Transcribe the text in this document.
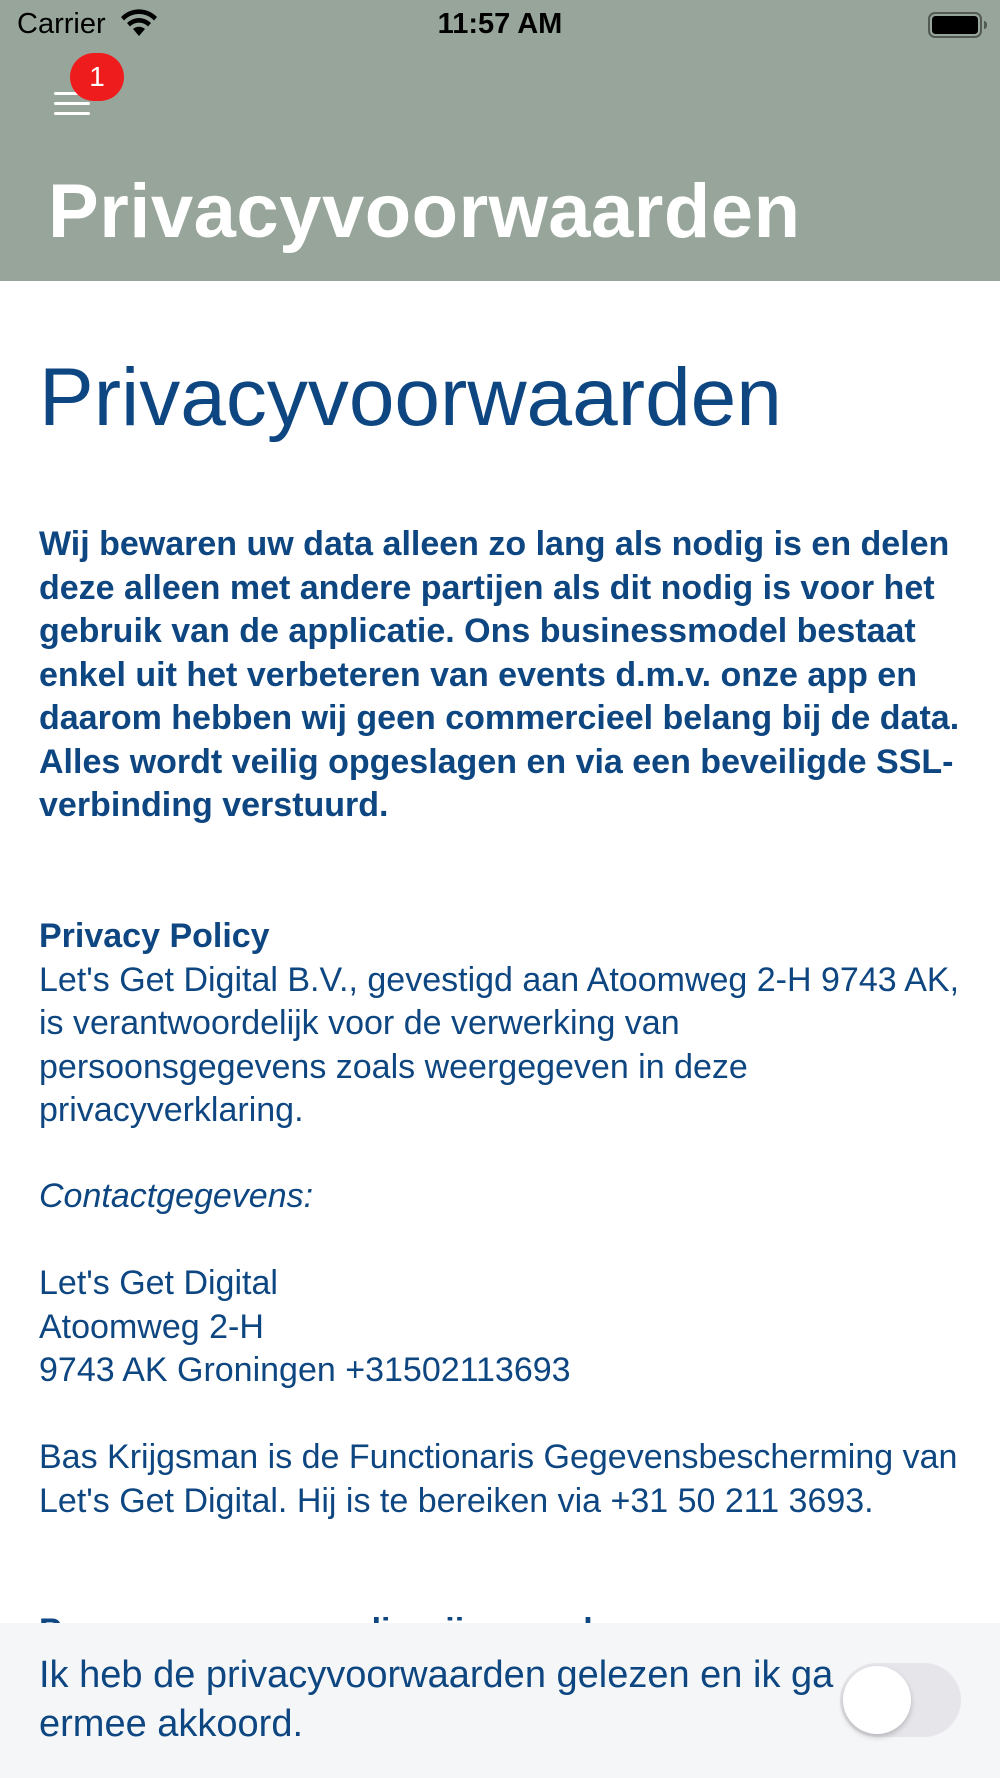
Carrier	11:57 AM
1
Privacyvoorwaarden
Privacyvoorwaarden
Wij bewaren uw data alleen zo lang als nodig is en delen deze alleen met andere partijen als dit nodig is voor het gebruik van de applicatie. Ons businessmodel bestaat enkel uit het verbeteren van events d.m.v. onze app en daarom hebben wij geen commercieel belang bij de data. Alles wordt veilig opgeslagen en via een beveiligde SSL-verbinding verstuurd.
Privacy Policy
Let's Get Digital B.V., gevestigd aan Atoomweg 2-H 9743 AK, is verantwoordelijk voor de verwerking van persoonsgegevens zoals weergegeven in deze privacyverklaring.
Contactgegevens:
Let's Get Digital
Atoomweg 2-H
9743 AK Groningen +31502113693
Bas Krijgsman is de Functionaris Gegevensbescherming van Let's Get Digital. Hij is te bereiken via +31 50 211 3693.
Ik heb de privacyvoorwaarden gelezen en ik ga ermee akkoord.
